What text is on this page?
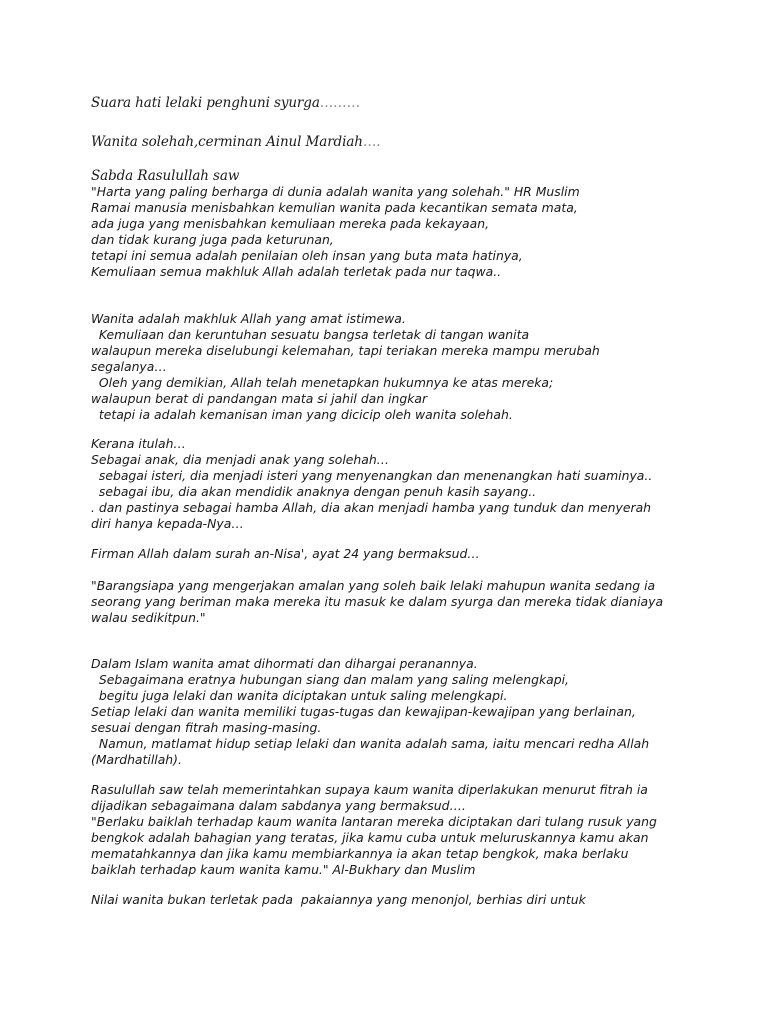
Suara hati lelaki penghuni syurga………
Wanita solehah,cerminan Ainul Mardiah….
Sabda Rasulullah saw
"Harta yang paling berharga di dunia adalah wanita yang solehah." HR Muslim
Ramai manusia menisbahkan kemulian wanita pada kecantikan semata mata,
ada juga yang menisbahkan kemuliaan mereka pada kekayaan,
dan tidak kurang juga pada keturunan,
tetapi ini semua adalah penilaian oleh insan yang buta mata hatinya,
Kemuliaan semua makhluk Allah adalah terletak pada nur taqwa..
Wanita adalah makhluk Allah yang amat istimewa.
Kemuliaan dan keruntuhan sesuatu bangsa terletak di tangan wanita
walaupun mereka diselubungi kelemahan, tapi teriakan mereka mampu merubah
segalanya…
Oleh yang demikian, Allah telah menetapkan hukumnya ke atas mereka;
walaupun berat di pandangan mata si jahil dan ingkar
tetapi ia adalah kemanisan iman yang dicicip oleh wanita solehah.
Kerana itulah…
Sebagai anak, dia menjadi anak yang solehah…
sebagai isteri, dia menjadi isteri yang menyenangkan dan menenangkan hati suaminya..
sebagai ibu, dia akan mendidik anaknya dengan penuh kasih sayang..
. dan pastinya sebagai hamba Allah, dia akan menjadi hamba yang tunduk dan menyerah
diri hanya kepada-Nya…
Firman Allah dalam surah an-Nisa', ayat 24 yang bermaksud…
"Barangsiapa yang mengerjakan amalan yang soleh baik lelaki mahupun wanita sedang ia
seorang yang beriman maka mereka itu masuk ke dalam syurga dan mereka tidak dianiaya
walau sedikitpun."
Dalam Islam wanita amat dihormati dan dihargai peranannya.
Sebagaimana eratnya hubungan siang dan malam yang saling melengkapi,
begitu juga lelaki dan wanita diciptakan untuk saling melengkapi.
Setiap lelaki dan wanita memiliki tugas-tugas dan kewajipan-kewajipan yang berlainan,
sesuai dengan fitrah masing-masing.
Namun, matlamat hidup setiap lelaki dan wanita adalah sama, iaitu mencari redha Allah
(Mardhatillah).
Rasulullah saw telah memerintahkan supaya kaum wanita diperlakukan menurut fitrah ia
dijadikan sebagaimana dalam sabdanya yang bermaksud….
"Berlaku baiklah terhadap kaum wanita lantaran mereka diciptakan dari tulang rusuk yang
bengkok adalah bahagian yang teratas, jika kamu cuba untuk meluruskannya kamu akan
mematahkannya dan jika kamu membiarkannya ia akan tetap bengkok, maka berlaku
baiklah terhadap kaum wanita kamu." Al-Bukhary dan Muslim
Nilai wanita bukan terletak pada  pakaiannya yang menonjol, berhias diri untuk
